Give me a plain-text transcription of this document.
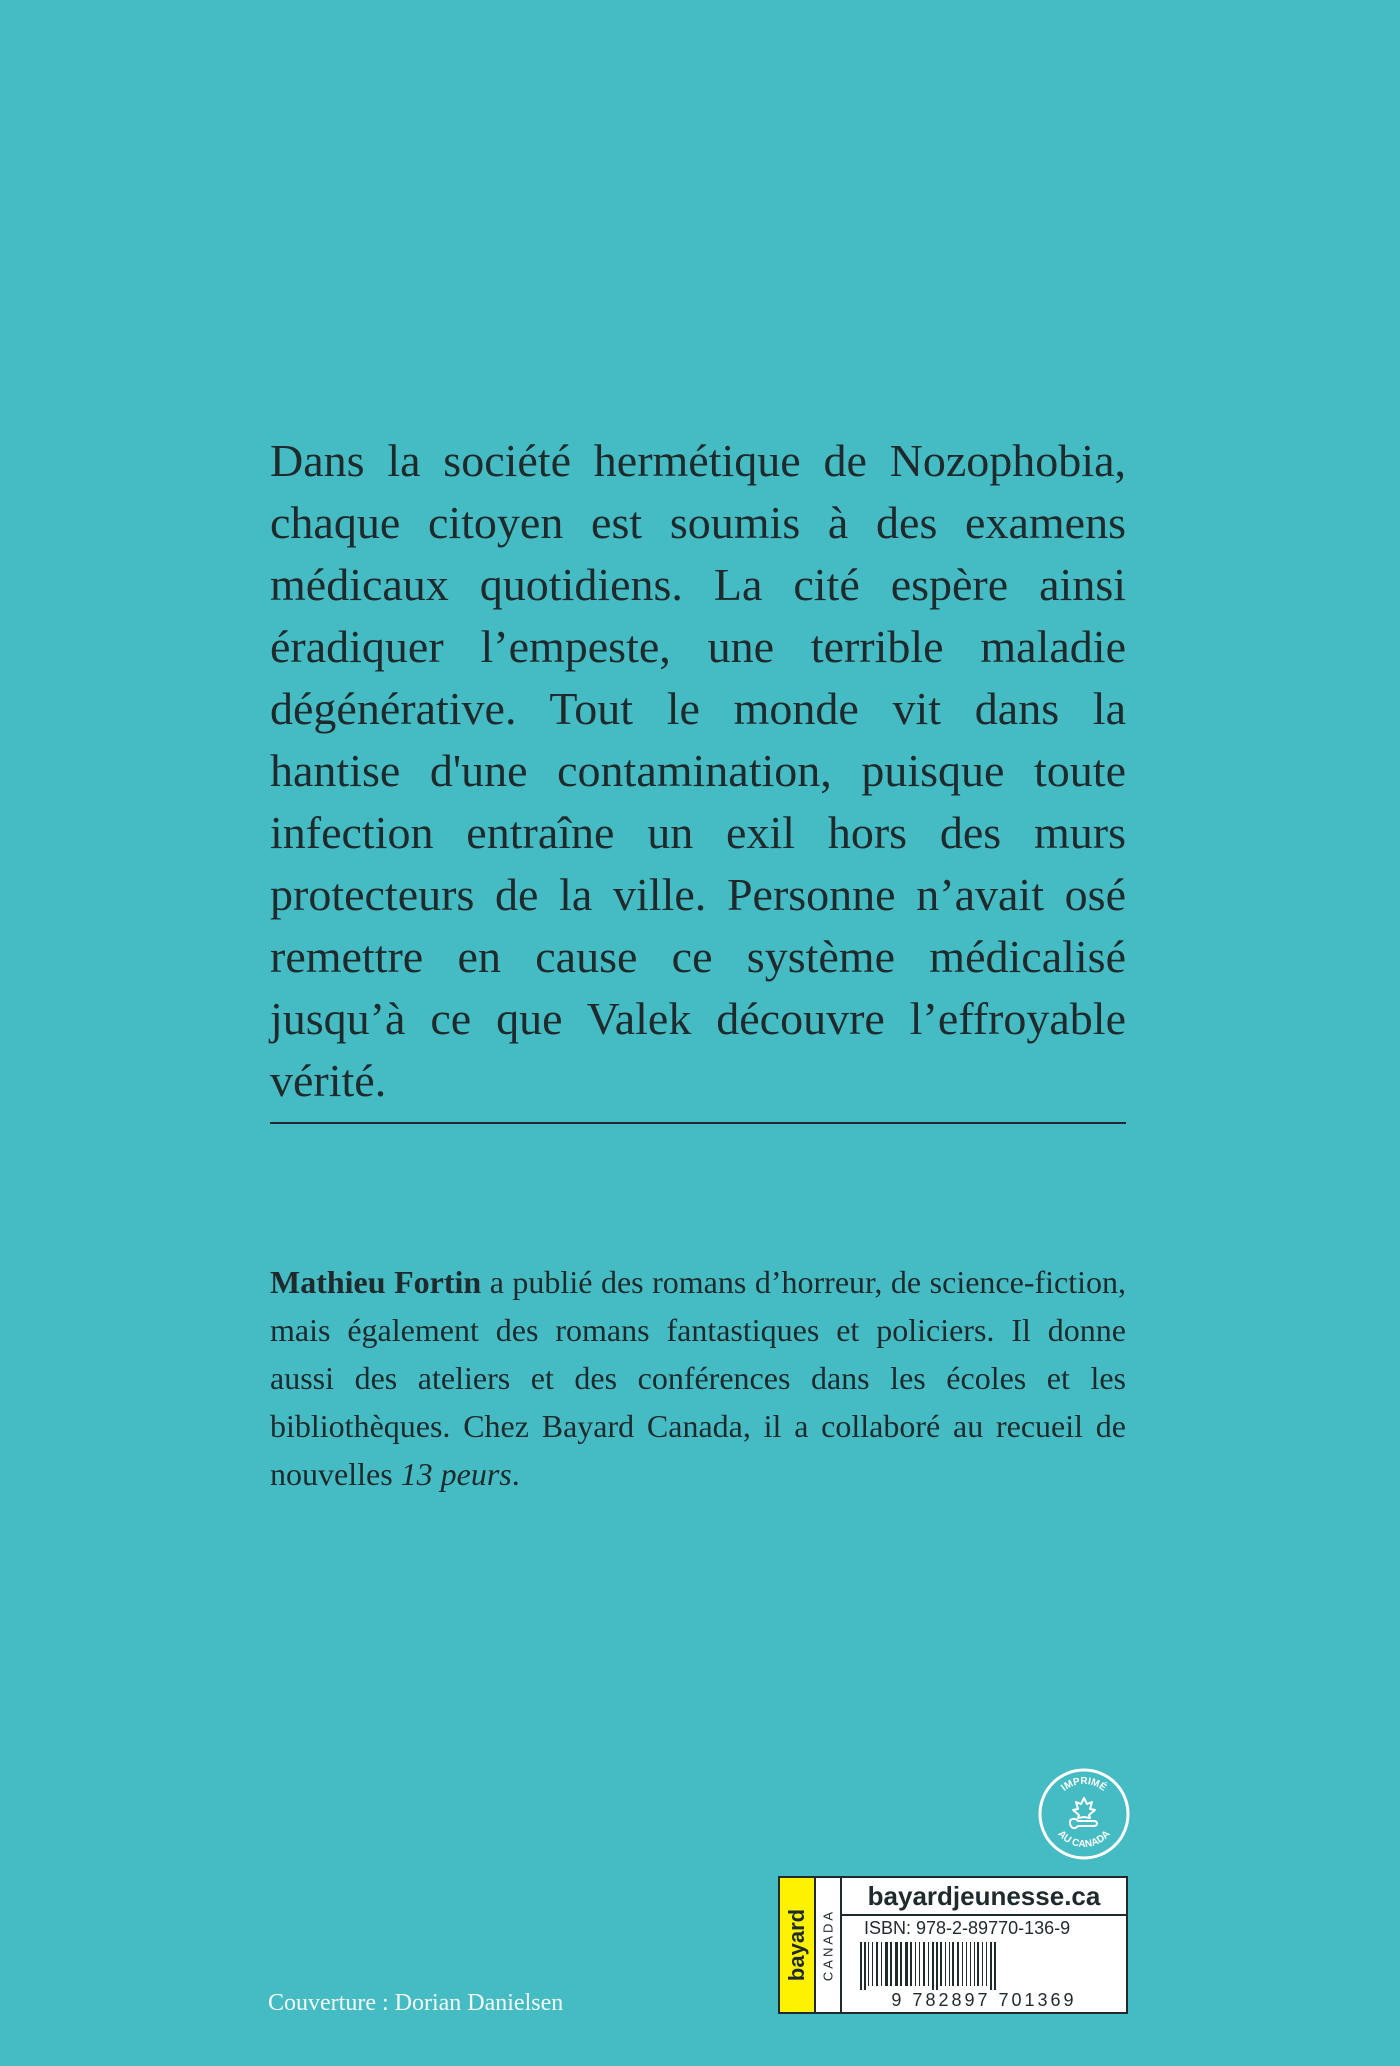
Dans la société hermétique de Nozophobia, chaque citoyen est soumis à des examens médicaux quotidiens. La cité espère ainsi éradiquer l’empeste, une terrible maladie dégénérative. Tout le monde vit dans la hantise d'une contamination, puisque toute infection entraîne un exil hors des murs protecteurs de la ville. Personne n’avait osé remettre en cause ce système médicalisé jusqu’à ce que Valek découvre l’effroyable vérité.

Mathieu Fortin a publié des romans d’horreur, de science-fiction, mais également des romans fantastiques et policiers. Il donne aussi des ateliers et des conférences dans les écoles et les bibliothèques. Chez Bayard Canada, il a collaboré au recueil de nouvelles 13 peurs.

Couverture : Dorian Danielsen
IMPRIMÉ
AU CANADA
bayard CANADA
bayardjeunesse.ca
ISBN: 978-2-89770-136-9
9 782897 701369
